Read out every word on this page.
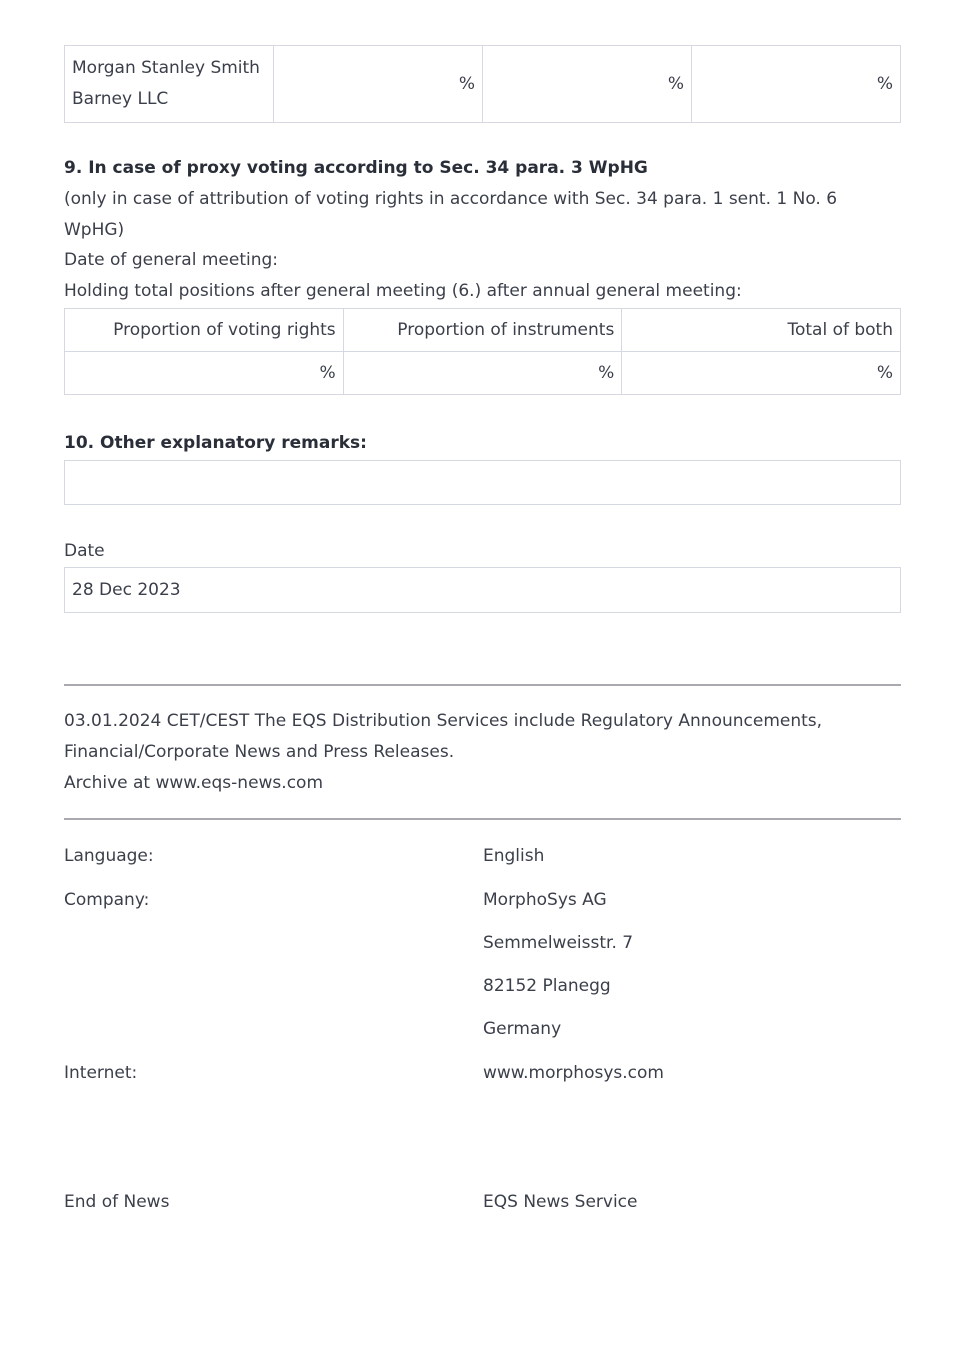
Morgan Stanley Smith Barney LLC	%	%	%
9. In case of proxy voting according to Sec. 34 para. 3 WpHG
(only in case of attribution of voting rights in accordance with Sec. 34 para. 1 sent. 1 No. 6 WpHG)
Date of general meeting:
Holding total positions after general meeting (6.) after annual general meeting:
Proportion of voting rights	Proportion of instruments	Total of both
%	%	%
10. Other explanatory remarks:
Date
28 Dec 2023
03.01.2024 CET/CEST The EQS Distribution Services include Regulatory Announcements,
Financial/Corporate News and Press Releases.
Archive at www.eqs-news.com
Language:	English
Company:	MorphoSys AG
Semmelweisstr. 7
82152 Planegg
Germany
Internet:	www.morphosys.com
End of News	EQS News Service
